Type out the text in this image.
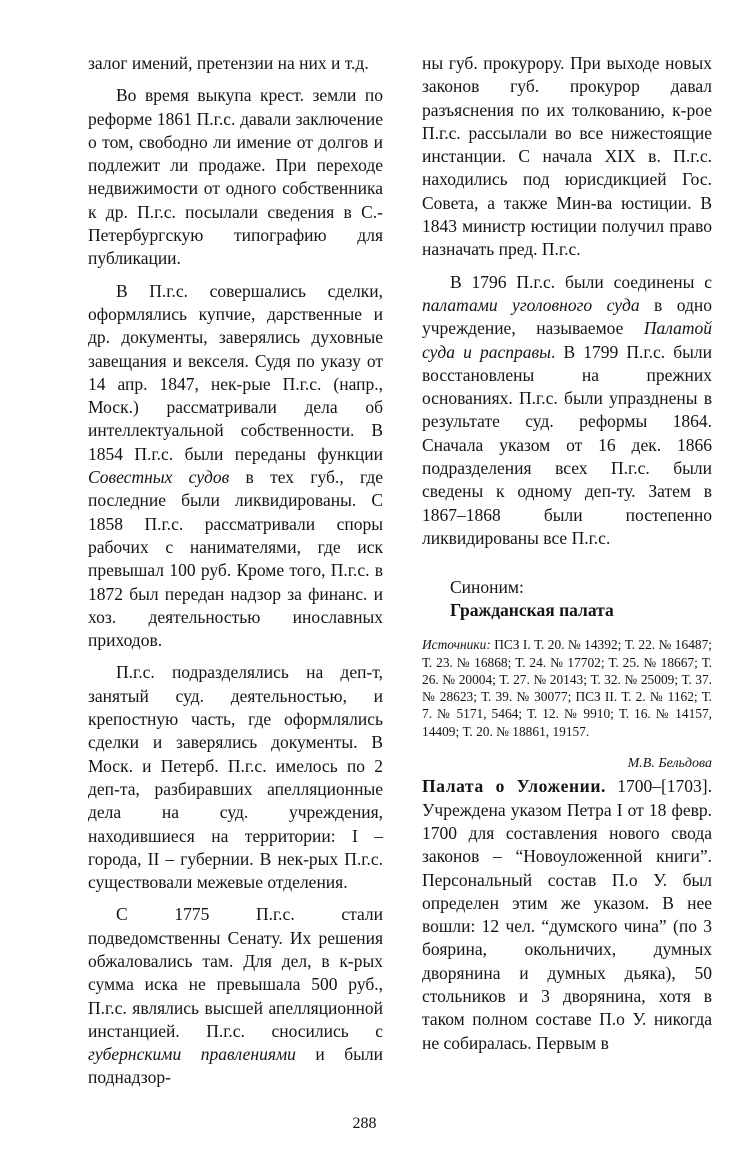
залог имений, претензии на них и т.д.

Во время выкупа крест. земли по реформе 1861 П.г.с. давали заключение о том, свободно ли имение от долгов и подлежит ли продаже. При переходе недвижимости от одного собственника к др. П.г.с. посылали сведения в С.-Петербургскую типографию для публикации.

В П.г.с. совершались сделки, оформлялись купчие, дарственные и др. документы, заверялись духовные завещания и векселя. Судя по указу от 14 апр. 1847, нек-рые П.г.с. (напр., Моск.) рассматривали дела об интеллектуальной собственности. В 1854 П.г.с. были переданы функции Совестных судов в тех губ., где последние были ликвидированы. С 1858 П.г.с. рассматривали споры рабочих с нанимателями, где иск превышал 100 руб. Кроме того, П.г.с. в 1872 был передан надзор за финанс. и хоз. деятельностью инославных приходов.

П.г.с. подразделялись на деп-т, занятый суд. деятельностью, и крепостную часть, где оформлялись сделки и заверялись документы. В Моск. и Петерб. П.г.с. имелось по 2 деп-та, разбиравших апелляционные дела на суд. учреждения, находившиеся на территории: I – города, II – губернии. В нек-рых П.г.с. существовали межевые отделения.

С 1775 П.г.с. стали подведомственны Сенату. Их решения обжаловались там. Для дел, в к-рых сумма иска не превышала 500 руб., П.г.с. являлись высшей апелляционной инстанцией. П.г.с. сносились с губернскими правлениями и были поднадзор-

ны губ. прокурору. При выходе новых законов губ. прокурор давал разъяснения по их толкованию, к-рое П.г.с. рассылали во все нижестоящие инстанции. С начала XIX в. П.г.с. находились под юрисдикцией Гос. Совета, а также Мин-ва юстиции. В 1843 министр юстиции получил право назначать пред. П.г.с.

В 1796 П.г.с. были соединены с палатами уголовного суда в одно учреждение, называемое Палатой суда и расправы. В 1799 П.г.с. были восстановлены на прежних основаниях. П.г.с. были упразднены в результате суд. реформы 1864. Сначала указом от 16 дек. 1866 подразделения всех П.г.с. были сведены к одному деп-ту. Затем в 1867–1868 были постепенно ликвидированы все П.г.с.

Синоним:
Гражданская палата
Источники: ПСЗ I. Т. 20. № 14392; Т. 22. № 16487; Т. 23. № 16868; Т. 24. № 17702; Т. 25. № 18667; Т. 26. № 20004; Т. 27. № 20143; Т. 32. № 25009; Т. 37. № 28623; Т. 39. № 30077; ПСЗ II. Т. 2. № 1162; Т. 7. № 5171, 5464; Т. 12. № 9910; Т. 16. № 14157, 14409; Т. 20. № 18861, 19157.
М.В. Бельдова

Палата о Уложении. 1700–[1703]. Учреждена указом Петра I от 18 февр. 1700 для составления нового свода законов – “Новоуложенной книги”. Персональный состав П.о У. был определен этим же указом. В нее вошли: 12 чел. “думского чина” (по 3 боярина, окольничих, думных дворянина и думных дьяка), 50 стольников и 3 дворянина, хотя в таком полном составе П.о У. никогда не собиралась. Первым в

288
